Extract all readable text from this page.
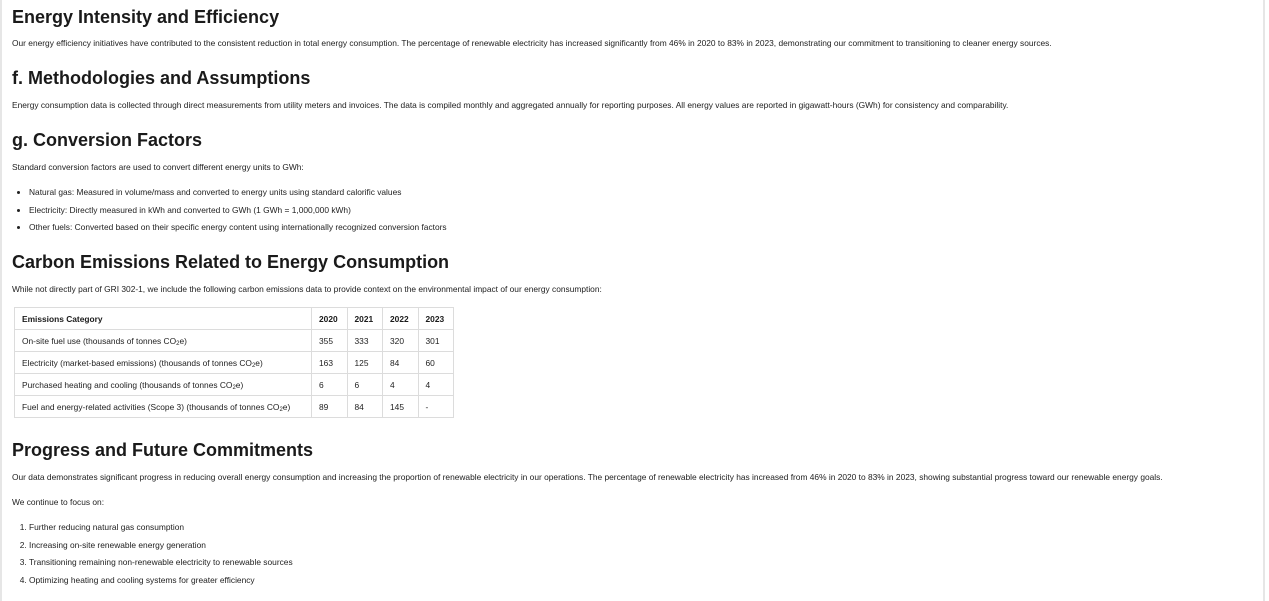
Energy Intensity and Efficiency

Our energy efficiency initiatives have contributed to the consistent reduction in total energy consumption. The percentage of renewable electricity has increased significantly from 46% in 2020 to 83% in 2023, demonstrating our commitment to transitioning to cleaner energy sources.

f. Methodologies and Assumptions

Energy consumption data is collected through direct measurements from utility meters and invoices. The data is compiled monthly and aggregated annually for reporting purposes. All energy values are reported in gigawatt-hours (GWh) for consistency and comparability.

g. Conversion Factors

Standard conversion factors are used to convert different energy units to GWh:

• Natural gas: Measured in volume/mass and converted to energy units using standard calorific values
• Electricity: Directly measured in kWh and converted to GWh (1 GWh = 1,000,000 kWh)
• Other fuels: Converted based on their specific energy content using internationally recognized conversion factors
Carbon Emissions Related to Energy Consumption

While not directly part of GRI 302-1, we include the following carbon emissions data to provide context on the environmental impact of our energy consumption:

Emissions Category	2020	2021	2022	2023
On-site fuel use (thousands of tonnes $CO_2e$)	355	333	320	301
Electricity (market-based emissions) (thousands of tonnes $CO_2e$)	163	125	84	60
Purchased heating and cooling (thousands of tonnes $CO_2e$)	6	6	4	4
Fuel and energy-related activities (Scope 3) (thousands of tonnes $CO_2e$)	89	84	145	-
Progress and Future Commitments

Our data demonstrates significant progress in reducing overall energy consumption and increasing the proportion of renewable electricity in our operations. The percentage of renewable electricity has increased from 46% in 2020 to 83% in 2023, showing substantial progress toward our renewable energy goals.

We continue to focus on:

1. Further reducing natural gas consumption
2. Increasing on-site renewable energy generation
3. Transitioning remaining non-renewable electricity to renewable sources
4. Optimizing heating and cooling systems for greater efficiency
